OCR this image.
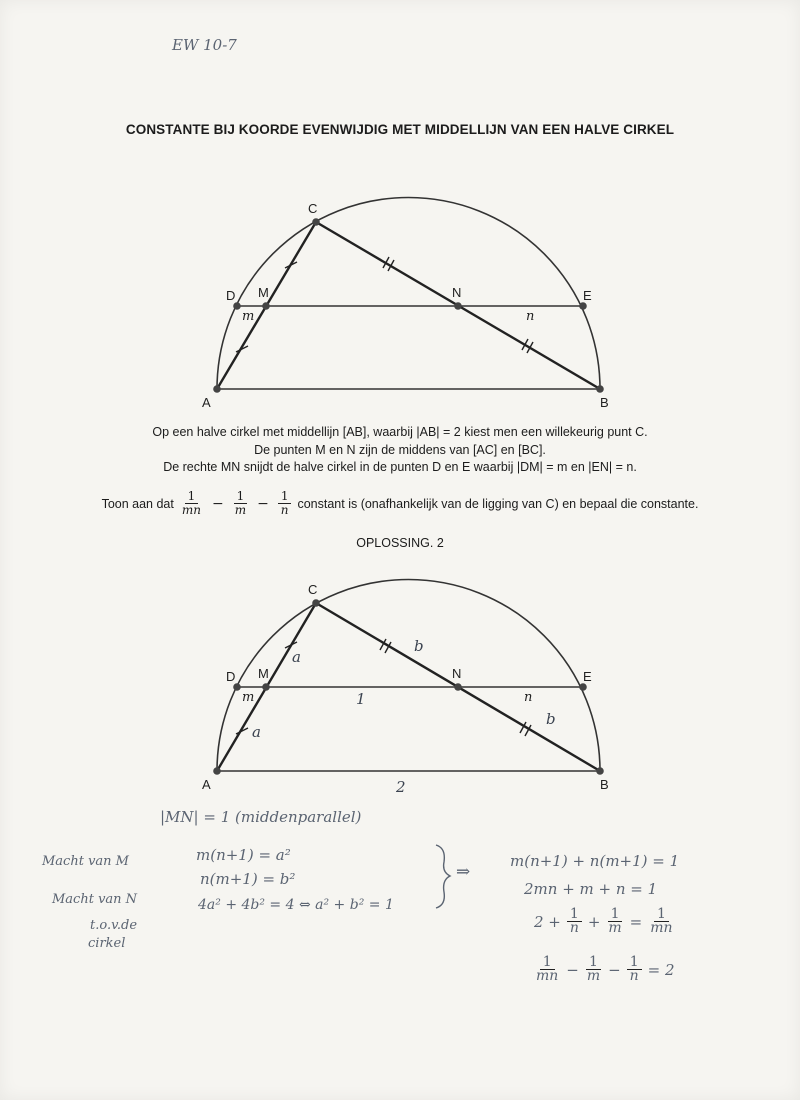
EW 10-7
CONSTANTE BIJ KOORDE EVENWIJDIG MET MIDDELLIJN VAN EEN HALVE CIRKEL
A	B
C
D M	N	E
m	n
Op een halve cirkel met middellijn [AB], waarbij |AB| = 2 kiest men een willekeurig punt C.
De punten M en N zijn de middens van [AC] en [BC].
De rechte MN snijdt de halve cirkel in de punten D en E waarbij |DM| = m en |EN| = n.
Toon aan dat $\frac{1}{mn} - \frac{1}{m} - \frac{1}{n}$ constant is (onafhankelijk van de ligging van C) en bepaal die constante.
OPLOSSING. 2
A	B
C
D M	N	E
m	n
a
a
b
b
1
2
|MN| = 1 (middenparallel)
Macht van M
Macht van N
t.o.v.de
cirkel
m(n+1) = a²
n(m+1) = b²
4a² + 4b² = 4 ⇔ a² + b² = 1
⇒
m(n+1) + n(m+1) = 1
2mn + m + n = 1
$2 + \frac{1}{n} + \frac{1}{m} = \frac{1}{mn}$
$\frac{1}{mn} - \frac{1}{m} - \frac{1}{n} = 2$
